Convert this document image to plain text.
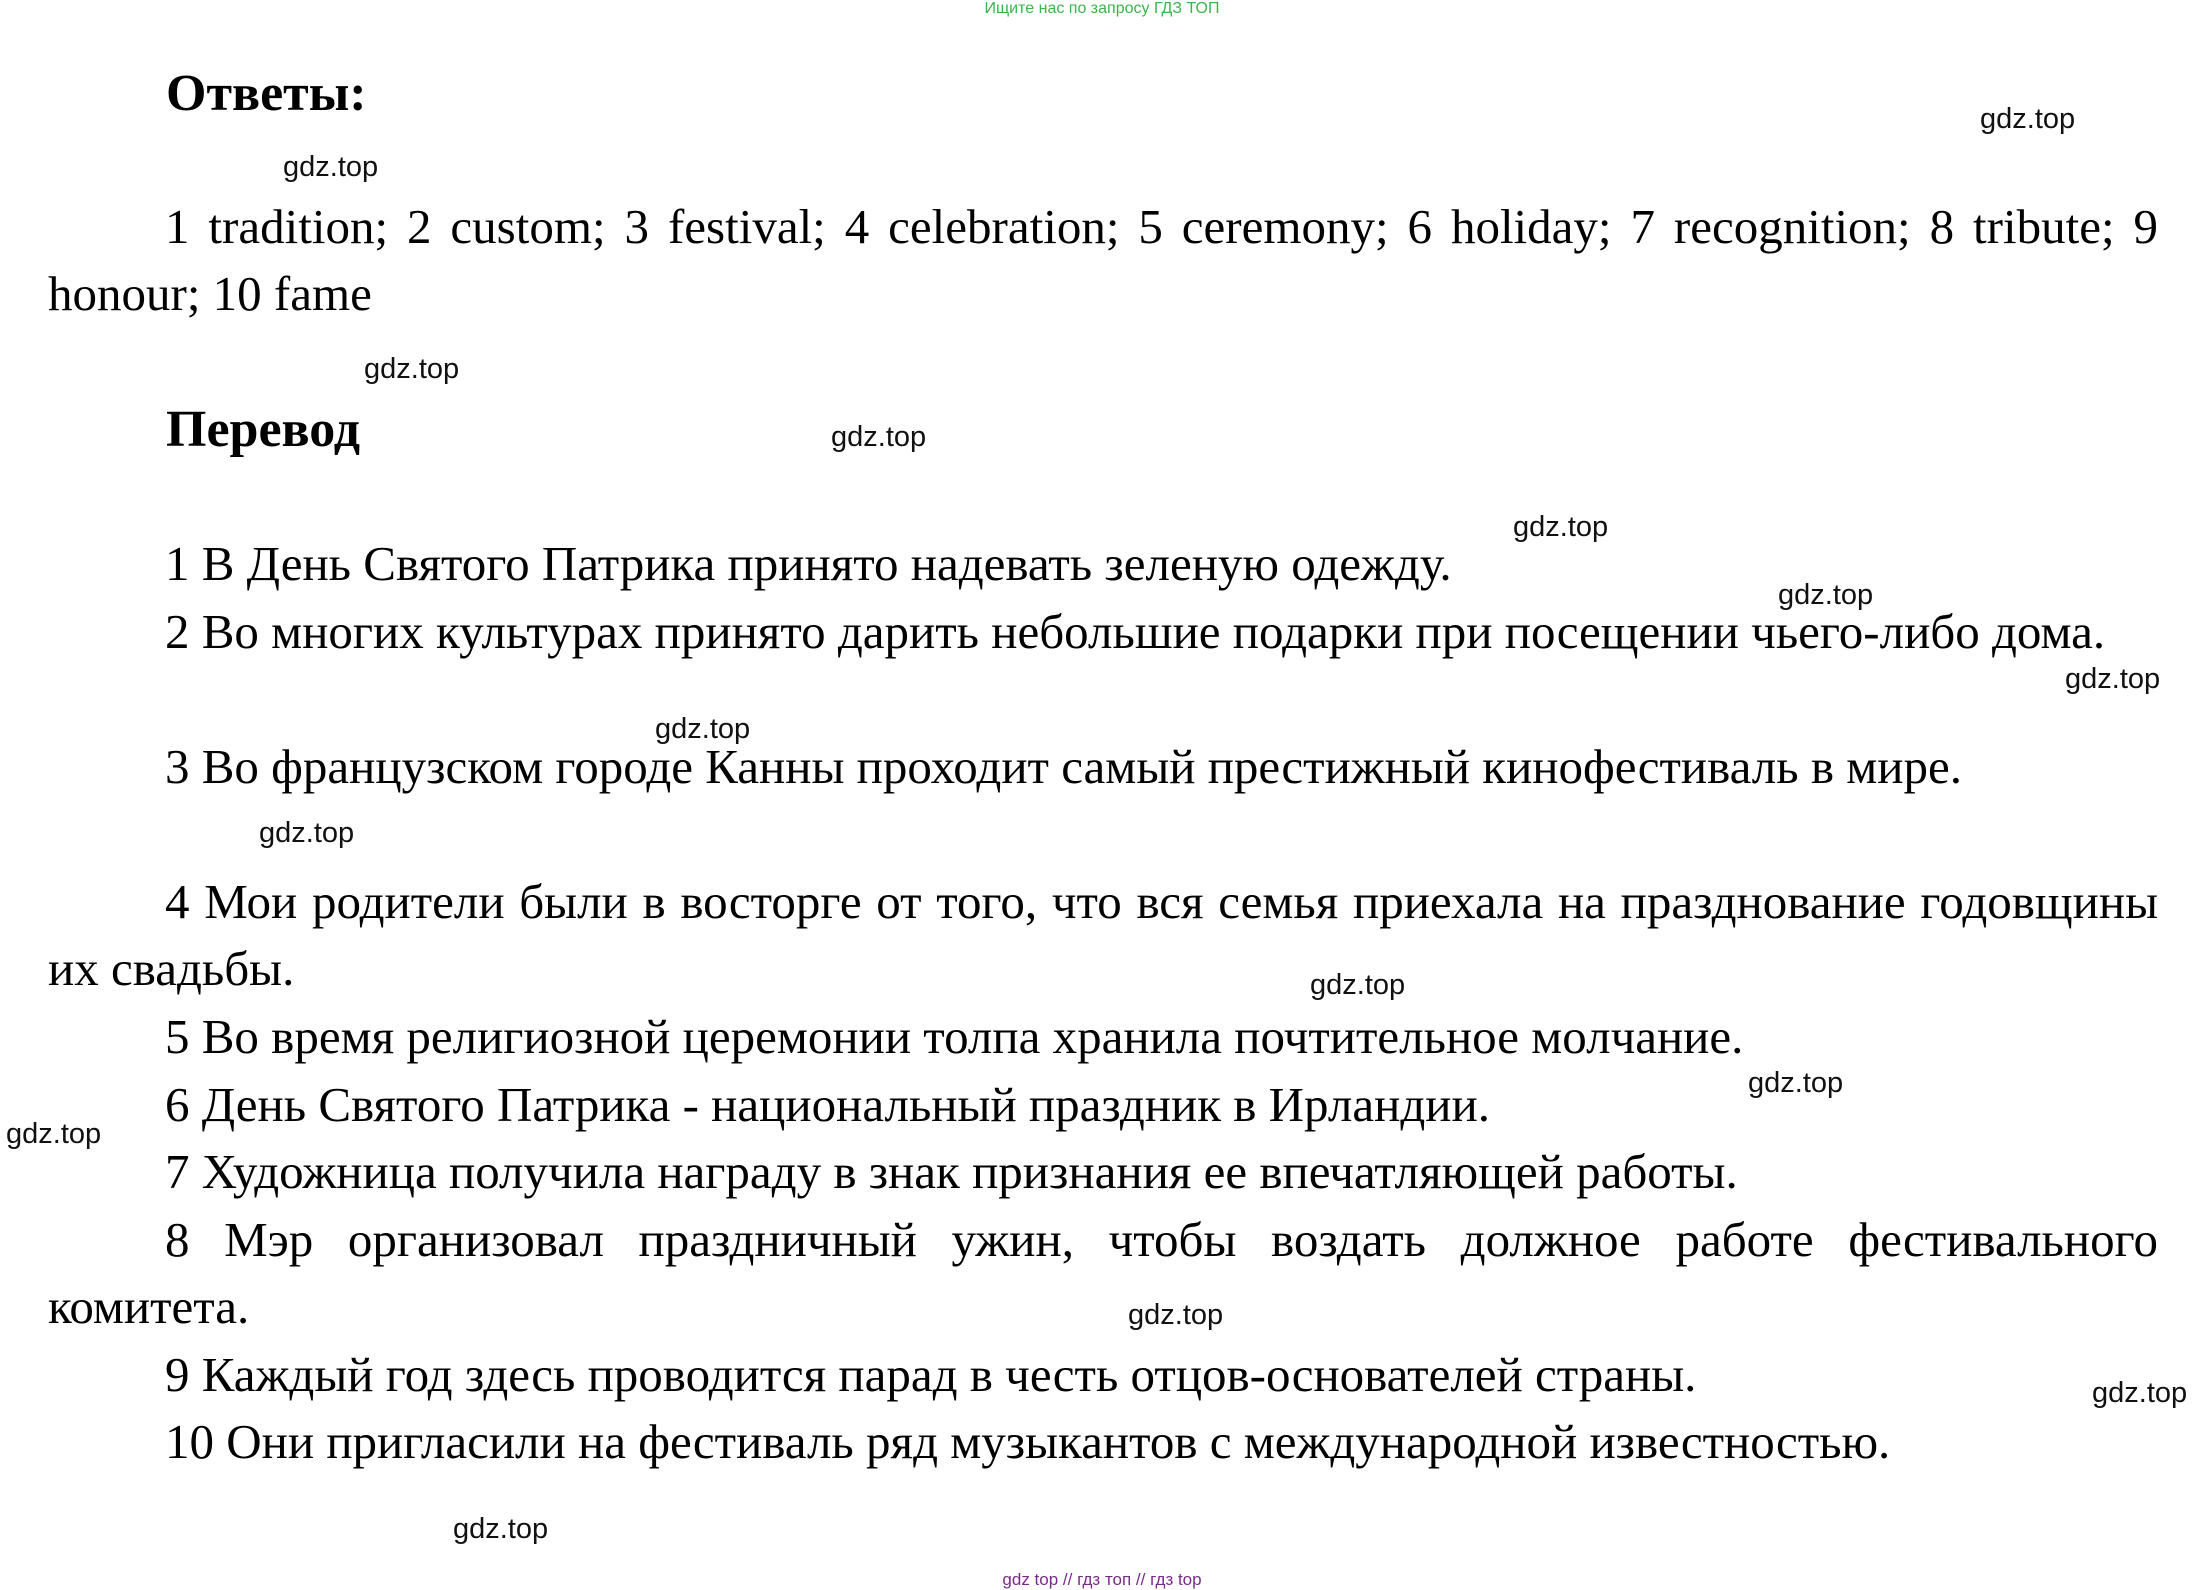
Ищите нас по запросу ГДЗ ТОП
Ответы:
1 tradition; 2 custom; 3 festival; 4 celebration; 5 ceremony; 6 holiday; 7 recognition; 8 tribute; 9 honour; 10 fame
Перевод
1 В День Святого Патрика принято надевать зеленую одежду.
2 Во многих культурах принято дарить небольшие подарки при посещении чьего-либо дома.
3 Во французском городе Канны проходит самый престижный кинофестиваль в мире.
4 Мои родители были в восторге от того, что вся семья приехала на празднование годовщины их свадьбы.
5 Во время религиозной церемонии толпа хранила почтительное молчание.
6 День Святого Патрика - национальный праздник в Ирландии.
7 Художница получила награду в знак признания ее впечатляющей работы.
8 Мэр организовал праздничный ужин, чтобы воздать должное работе фестивального комитета.
9 Каждый год здесь проводится парад в честь отцов-основателей страны.
10 Они пригласили на фестиваль ряд музыкантов с международной известностью.
gdz.top
gdz.top
gdz.top
gdz.top
gdz.top
gdz.top
gdz.top
gdz.top
gdz.top
gdz.top
gdz.top
gdz.top
gdz.top
gdz.top
gdz.top
gdz top // гдз топ // гдз top
